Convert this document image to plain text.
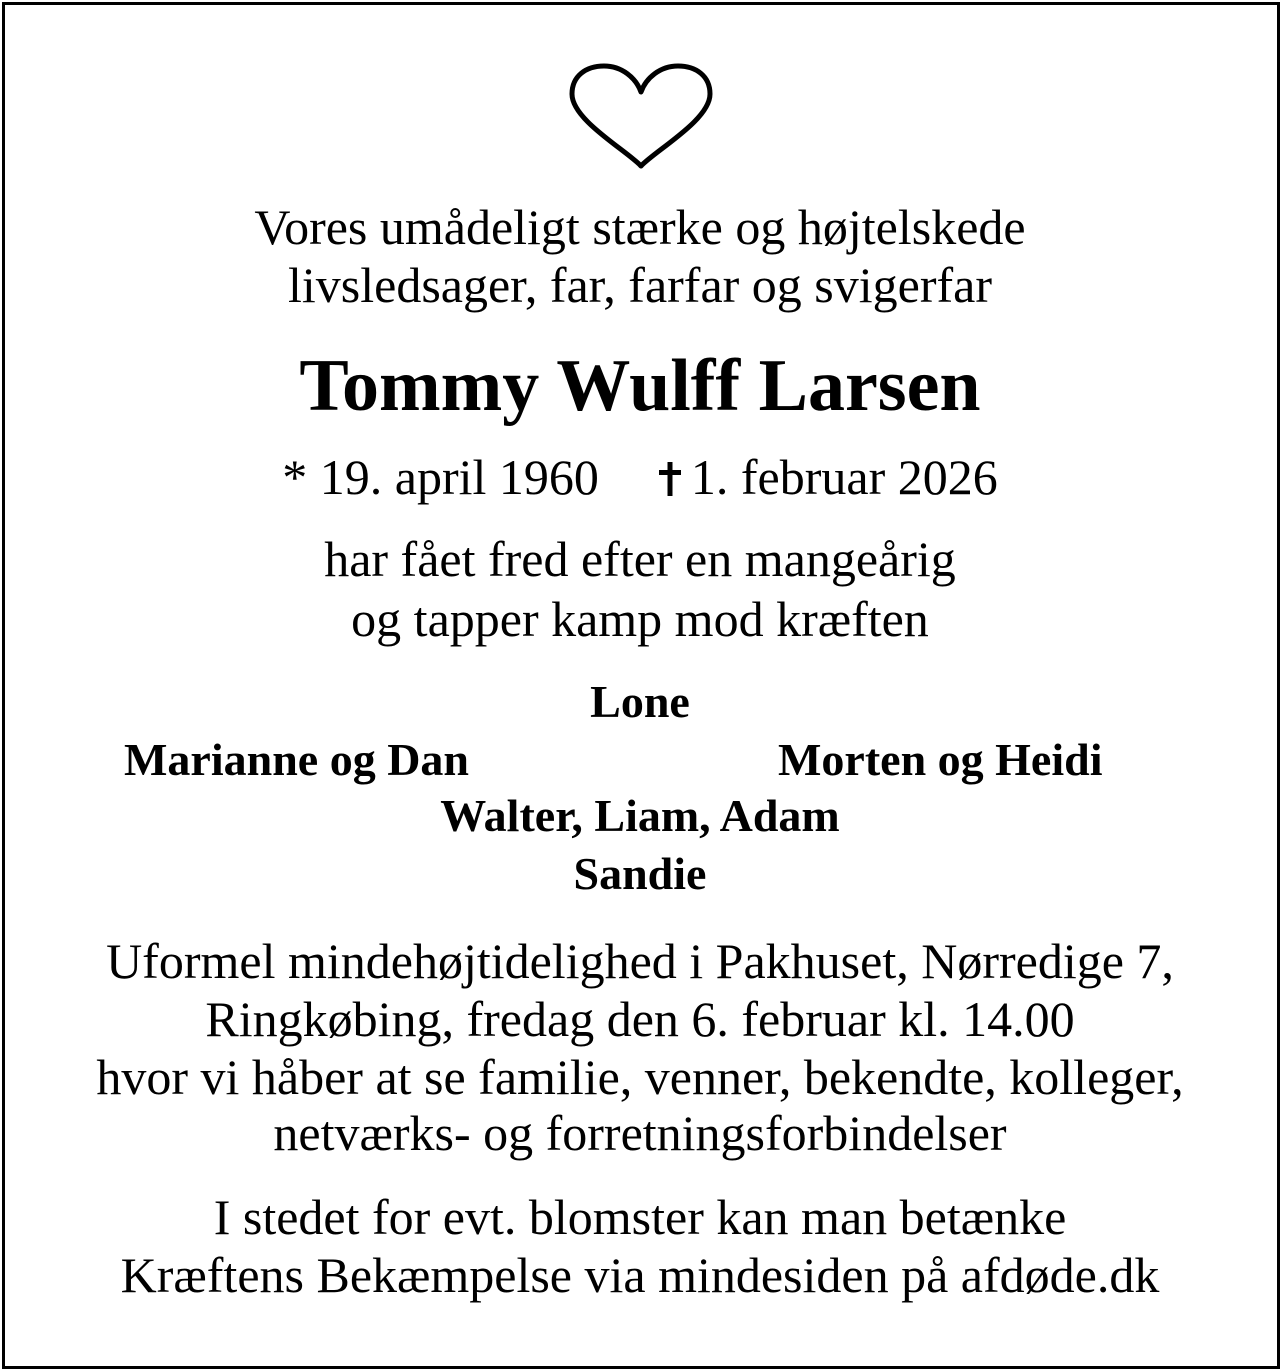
Vores umådeligt stærke og højtelskede
livsledsager, far, farfar og svigerfar
Tommy Wulff Larsen
* 19. april 1960 1. februar 2026
har fået fred efter en mangeårig
og tapper kamp mod kræften
Lone
Marianne og Dan	Morten og Heidi
Walter, Liam, Adam
Sandie
Uformel mindehøjtidelighed i Pakhuset, Nørredige 7,
Ringkøbing, fredag den 6. februar kl. 14.00
hvor vi håber at se familie, venner, bekendte, kolleger,
netværks- og forretningsforbindelser
I stedet for evt. blomster kan man betænke
Kræftens Bekæmpelse via mindesiden på afdøde.dk
